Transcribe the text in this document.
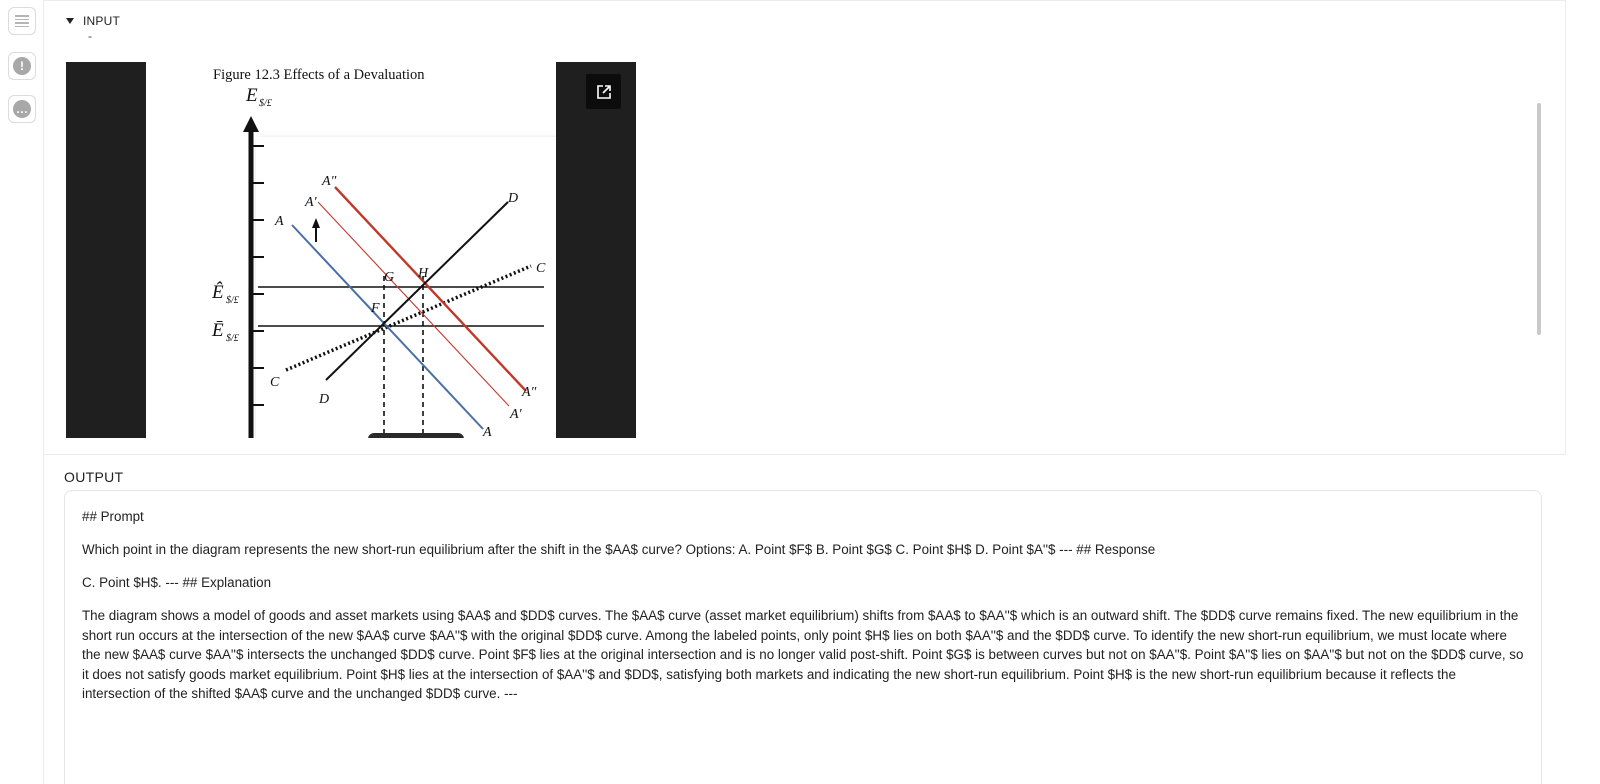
!
…
INPUT
-
Figure 12.3 Effects of a Devaluation
E $/£
Ê $/£
Ē $/£
A
A′
A″
D
C
C
D	A″
A′
A
G H
F
OUTPUT

## Prompt

Which point in the diagram represents the new short-run equilibrium after the shift in the $AA$ curve? Options: A. Point $F$ B. Point $G$ C. Point $H$ D. Point $A''$ --- ## Response

C. Point $H$. --- ## Explanation

The diagram shows a model of goods and asset markets using $AA$ and $DD$ curves. The $AA$ curve (asset market equilibrium) shifts from $AA$ to $AA''$ which is an outward shift. The $DD$ curve remains fixed. The new equilibrium in the short run occurs at the intersection of the new $AA$ curve $AA''$ with the original $DD$ curve. Among the labeled points, only point $H$ lies on both $AA''$ and the $DD$ curve. To identify the new short-run equilibrium, we must locate where the new $AA$ curve $AA''$ intersects the unchanged $DD$ curve. Point $F$ lies at the original intersection and is no longer valid post-shift. Point $G$ is between curves but not on $AA''$. Point $A''$ lies on $AA''$ but not on the $DD$ curve, so it does not satisfy goods market equilibrium. Point $H$ lies at the intersection of $AA''$ and $DD$, satisfying both markets and indicating the new short-run equilibrium. Point $H$ is the new short-run equilibrium because it reflects the intersection of the shifted $AA$ curve and the unchanged $DD$ curve. ---
